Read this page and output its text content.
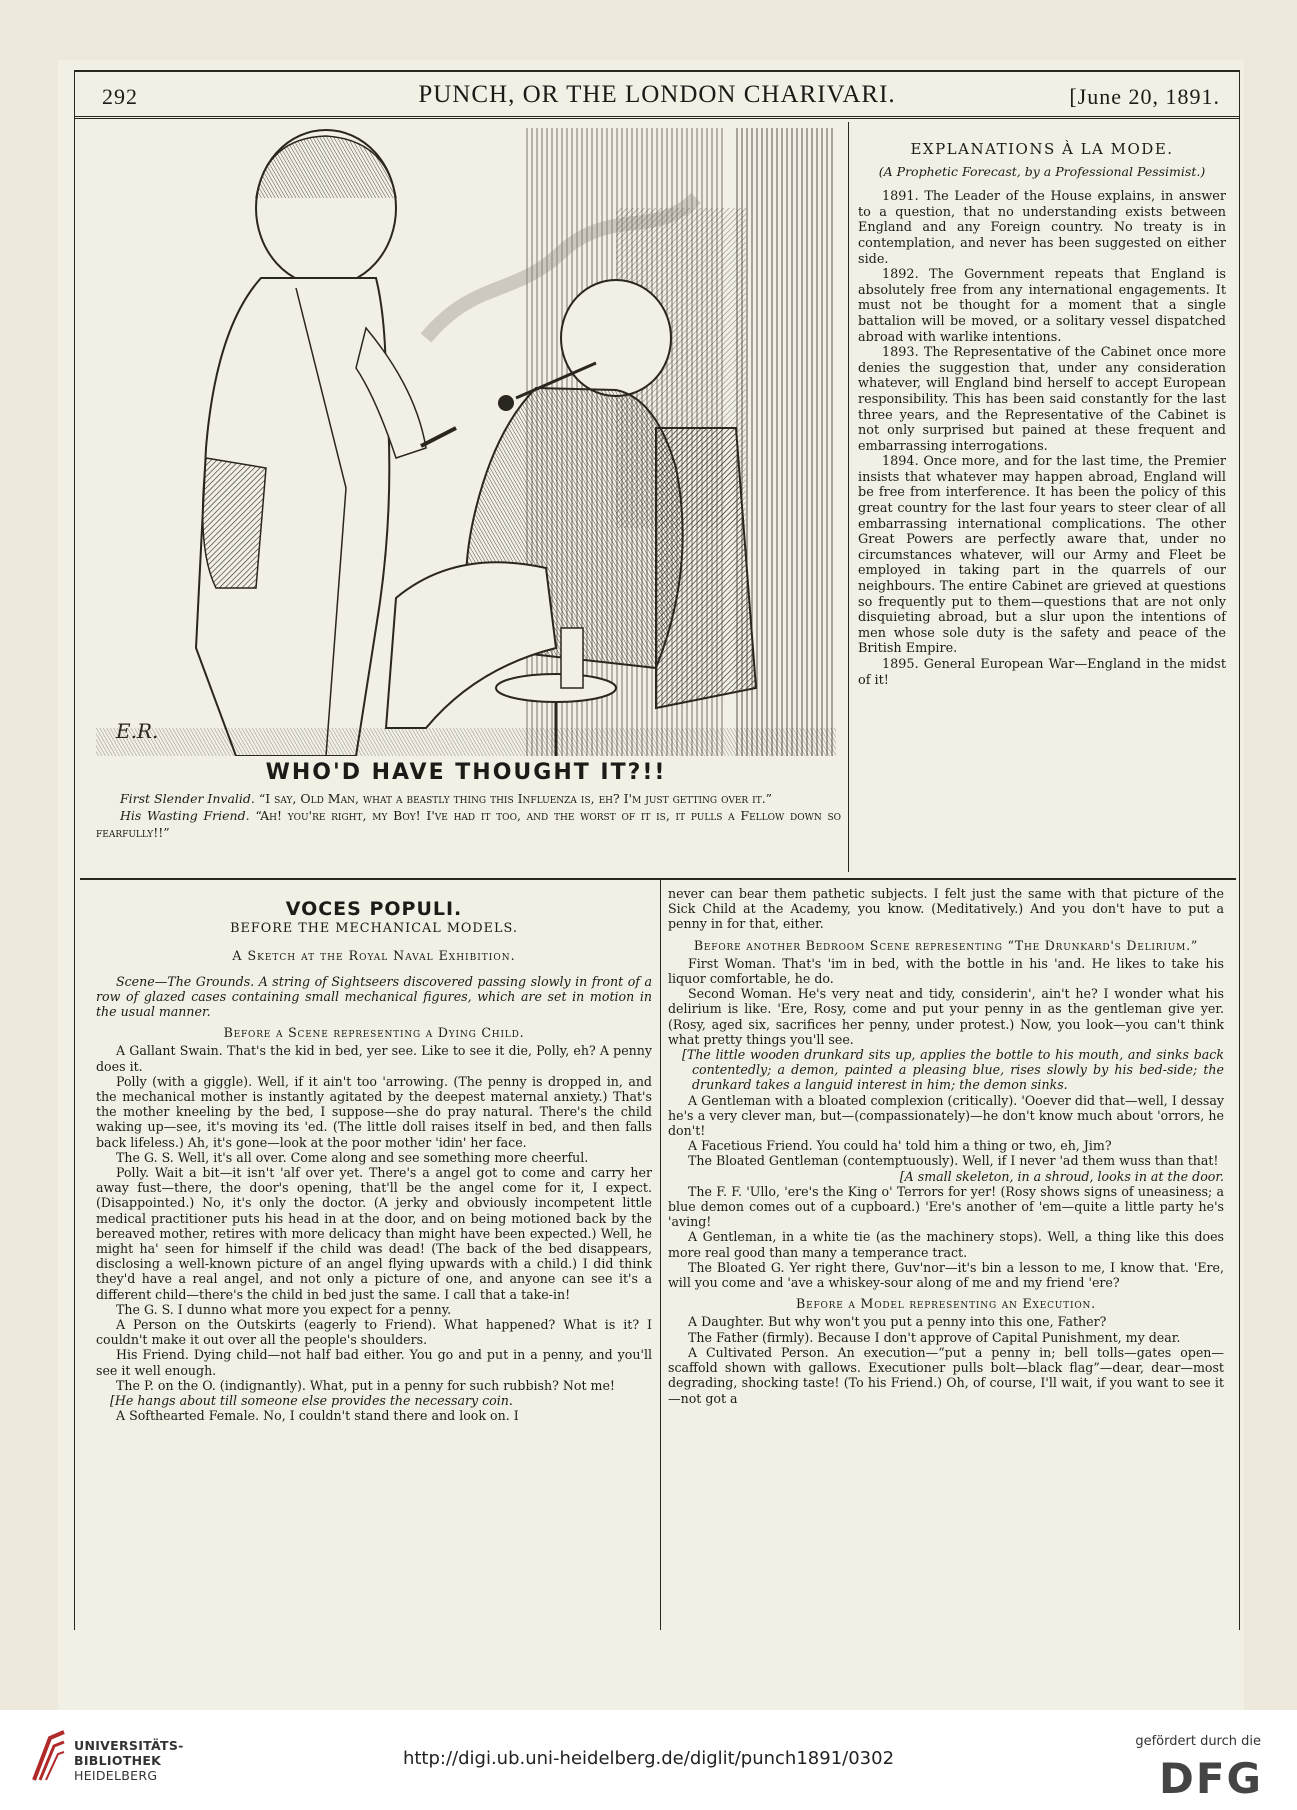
292	PUNCH, OR THE LONDON CHARIVARI.	[June 20, 1891.
E.R.
WHO'D HAVE THOUGHT IT?!!

First Slender Invalid. “I say, Old Man, what a beastly thing this Influenza is, eh? I'm just getting over it.”

His Wasting Friend. “Ah! you're right, my Boy! I've had it too, and the worst of it is, it pulls a Fellow down so fearfully!!”

EXPLANATIONS À LA MODE.
(A Prophetic Forecast, by a Professional Pessimist.)

1891. The Leader of the House explains, in answer to a question, that no understanding exists between England and any Foreign country. No treaty is in contemplation, and never has been suggested on either side.

1892. The Government repeats that England is absolutely free from any international engagements. It must not be thought for a moment that a single battalion will be moved, or a solitary vessel dispatched abroad with warlike intentions.

1893. The Representative of the Cabinet once more denies the suggestion that, under any consideration whatever, will England bind herself to accept European responsibility. This has been said constantly for the last three years, and the Representative of the Cabinet is not only surprised but pained at these frequent and embarrassing interrogations.

1894. Once more, and for the last time, the Premier insists that whatever may happen abroad, England will be free from interference. It has been the policy of this great country for the last four years to steer clear of all embarrassing international complications. The other Great Powers are perfectly aware that, under no circumstances whatever, will our Army and Fleet be employed in taking part in the quarrels of our neighbours. The entire Cabinet are grieved at questions so frequently put to them—questions that are not only disquieting abroad, but a slur upon the intentions of men whose sole duty is the safety and peace of the British Empire.

1895. General European War—England in the midst of it!

VOCES POPULI.
BEFORE THE MECHANICAL MODELS.
A Sketch at the Royal Naval Exhibition.

Scene—The Grounds. A string of Sightseers discovered passing slowly in front of a row of glazed cases containing small mechanical figures, which are set in motion in the usual manner.

Before a Scene representing a Dying Child.

A Gallant Swain. That's the kid in bed, yer see. Like to see it die, Polly, eh? A penny does it.

Polly (with a giggle). Well, if it ain't too 'arrowing. (The penny is dropped in, and the mechanical mother is instantly agitated by the deepest maternal anxiety.) That's the mother kneeling by the bed, I suppose—she do pray natural. There's the child waking up—see, it's moving its 'ed. (The little doll raises itself in bed, and then falls back lifeless.) Ah, it's gone—look at the poor mother 'idin' her face.

The G. S. Well, it's all over. Come along and see something more cheerful.

Polly. Wait a bit—it isn't 'alf over yet. There's a angel got to come and carry her away fust—there, the door's opening, that'll be the angel come for it, I expect. (Disappointed.) No, it's only the doctor. (A jerky and obviously incompetent little medical practitioner puts his head in at the door, and on being motioned back by the bereaved mother, retires with more delicacy than might have been expected.) Well, he might ha' seen for himself if the child was dead! (The back of the bed disappears, disclosing a well-known picture of an angel flying upwards with a child.) I did think they'd have a real angel, and not only a picture of one, and anyone can see it's a different child—there's the child in bed just the same. I call that a take-in!

The G. S. I dunno what more you expect for a penny.

A Person on the Outskirts (eagerly to Friend). What happened? What is it? I couldn't make it out over all the people's shoulders.

His Friend. Dying child—not half bad either. You go and put in a penny, and you'll see it well enough.

The P. on the O. (indignantly). What, put in a penny for such rubbish? Not me!

[He hangs about till someone else provides the necessary coin.

A Softhearted Female. No, I couldn't stand there and look on. I

never can bear them pathetic subjects. I felt just the same with that picture of the Sick Child at the Academy, you know. (Meditatively.) And you don't have to put a penny in for that, either.

Before another Bedroom Scene representing “The Drunkard's Delirium.”

First Woman. That's 'im in bed, with the bottle in his 'and. He likes to take his liquor comfortable, he do.

Second Woman. He's very neat and tidy, considerin', ain't he? I wonder what his delirium is like. 'Ere, Rosy, come and put your penny in as the gentleman give yer. (Rosy, aged six, sacrifices her penny, under protest.) Now, you look—you can't think what pretty things you'll see.

[The little wooden drunkard sits up, applies the bottle to his mouth, and sinks back contentedly; a demon, painted a pleasing blue, rises slowly by his bed-side; the drunkard takes a languid interest in him; the demon sinks.

A Gentleman with a bloated complexion (critically). 'Ooever did that—well, I dessay he's a very clever man, but—(compassionately)—he don't know much about 'orrors, he don't!

A Facetious Friend. You could ha' told him a thing or two, eh, Jim?

The Bloated Gentleman (contemptuously). Well, if I never 'ad them wuss than that!

[A small skeleton, in a shroud, looks in at the door.

The F. F. 'Ullo, 'ere's the King o' Terrors for yer! (Rosy shows signs of uneasiness; a blue demon comes out of a cupboard.) 'Ere's another of 'em—quite a little party he's 'aving!

A Gentleman, in a white tie (as the machinery stops). Well, a thing like this does more real good than many a temperance tract.

The Bloated G. Yer right there, Guv'nor—it's bin a lesson to me, I know that. 'Ere, will you come and 'ave a whiskey-sour along of me and my friend 'ere?

Before a Model representing an Execution.

A Daughter. But why won't you put a penny into this one, Father?

The Father (firmly). Because I don't approve of Capital Punishment, my dear.

A Cultivated Person. An execution—“put a penny in; bell tolls—gates open—scaffold shown with gallows. Executioner pulls bolt—black flag”—dear, dear—most degrading, shocking taste! (To his Friend.) Oh, of course, I'll wait, if you want to see it—not got a

UNIVERSITÄTS-
BIBLIOTHEK
HEIDELBERG
http://digi.ub.uni-heidelberg.de/diglit/punch1891/0302
gefördert durch die
DFG
